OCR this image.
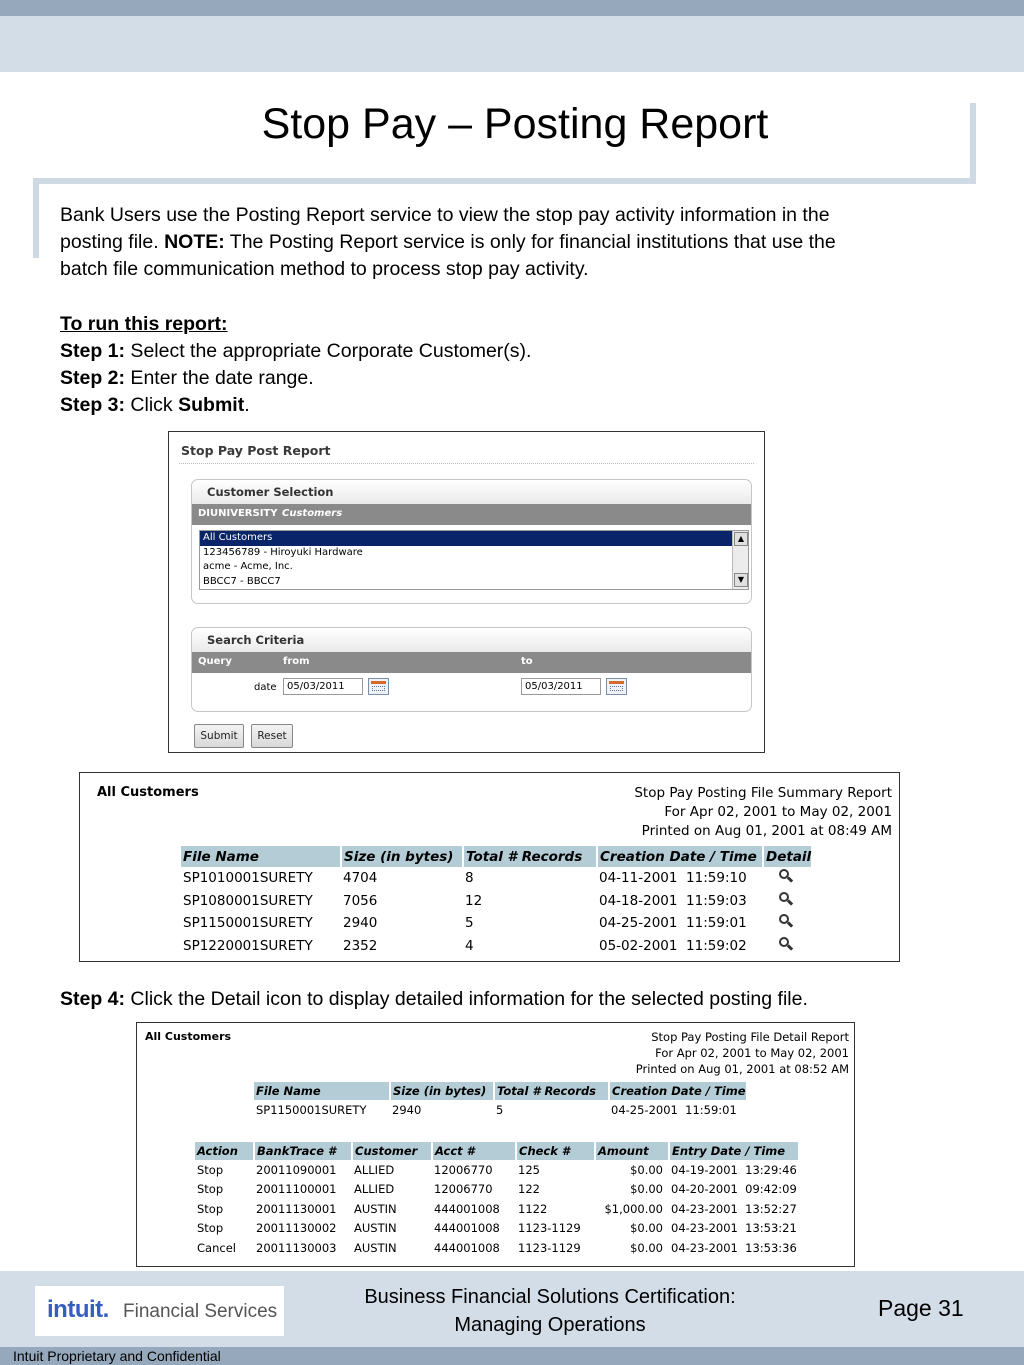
Stop Pay – Posting Report
Bank Users use the Posting Report service to view the stop pay activity information in the
posting file. NOTE: The Posting Report service is only for financial institutions that use the
batch file communication method to process stop pay activity.
To run this report:
Step 1: Select the appropriate Corporate Customer(s).
Step 2: Enter the date range.
Step 3: Click Submit.
Stop Pay Post Report
Customer Selection
DIUNIVERSITY Customers
All Customers
123456789 - Hiroyuki Hardware
acme - Acme, Inc.
BBCC7 - BBCC7
▲
▼
Search Criteria
Query	from	to
date	05/03/2011	05/03/2011
Submit	Reset
All Customers	Stop Pay Posting File Summary Report
For Apr 02, 2001 to May 02, 2001
Printed on Aug 01, 2001 at 08:49 AM
File Name	Size (in bytes)	Total # Records	Creation Date / Time	Detail
SP1010001SURETY	4704	8	04-11-2001  11:59:10	

SP1080001SURETY	7056	12	04-18-2001  11:59:03	

SP1150001SURETY	2940	5	04-25-2001  11:59:01	

SP1220001SURETY	2352	4	05-02-2001  11:59:02	
Step 4: Click the Detail icon to display detailed information for the selected posting file.
All Customers	Stop Pay Posting File Detail Report
For Apr 02, 2001 to May 02, 2001
Printed on Aug 01, 2001 at 08:52 AM
File Name	Size (in bytes)	Total # Records	Creation Date / Time
SP1150001SURETY	2940	5	04-25-2001  11:59:01
Action	BankTrace #	Customer	Acct #	Check #	Amount	Entry Date / Time
Stop	20011090001	ALLIED	12006770	125	$0.00	04-19-2001  13:29:46
Stop	20011100001	ALLIED	12006770	122	$0.00	04-20-2001  09:42:09
Stop	20011130001	AUSTIN	444001008	1122	$1,000.00	04-23-2001  13:52:27
Stop	20011130002	AUSTIN	444001008	1123-1129	$0.00	04-23-2001  13:53:21
Cancel	20011130003	AUSTIN	444001008	1123-1129	$0.00	04-23-2001  13:53:36
intuit. Financial Services
Business Financial Solutions Certification:
Managing Operations
Page 31
Intuit Proprietary and Confidential
